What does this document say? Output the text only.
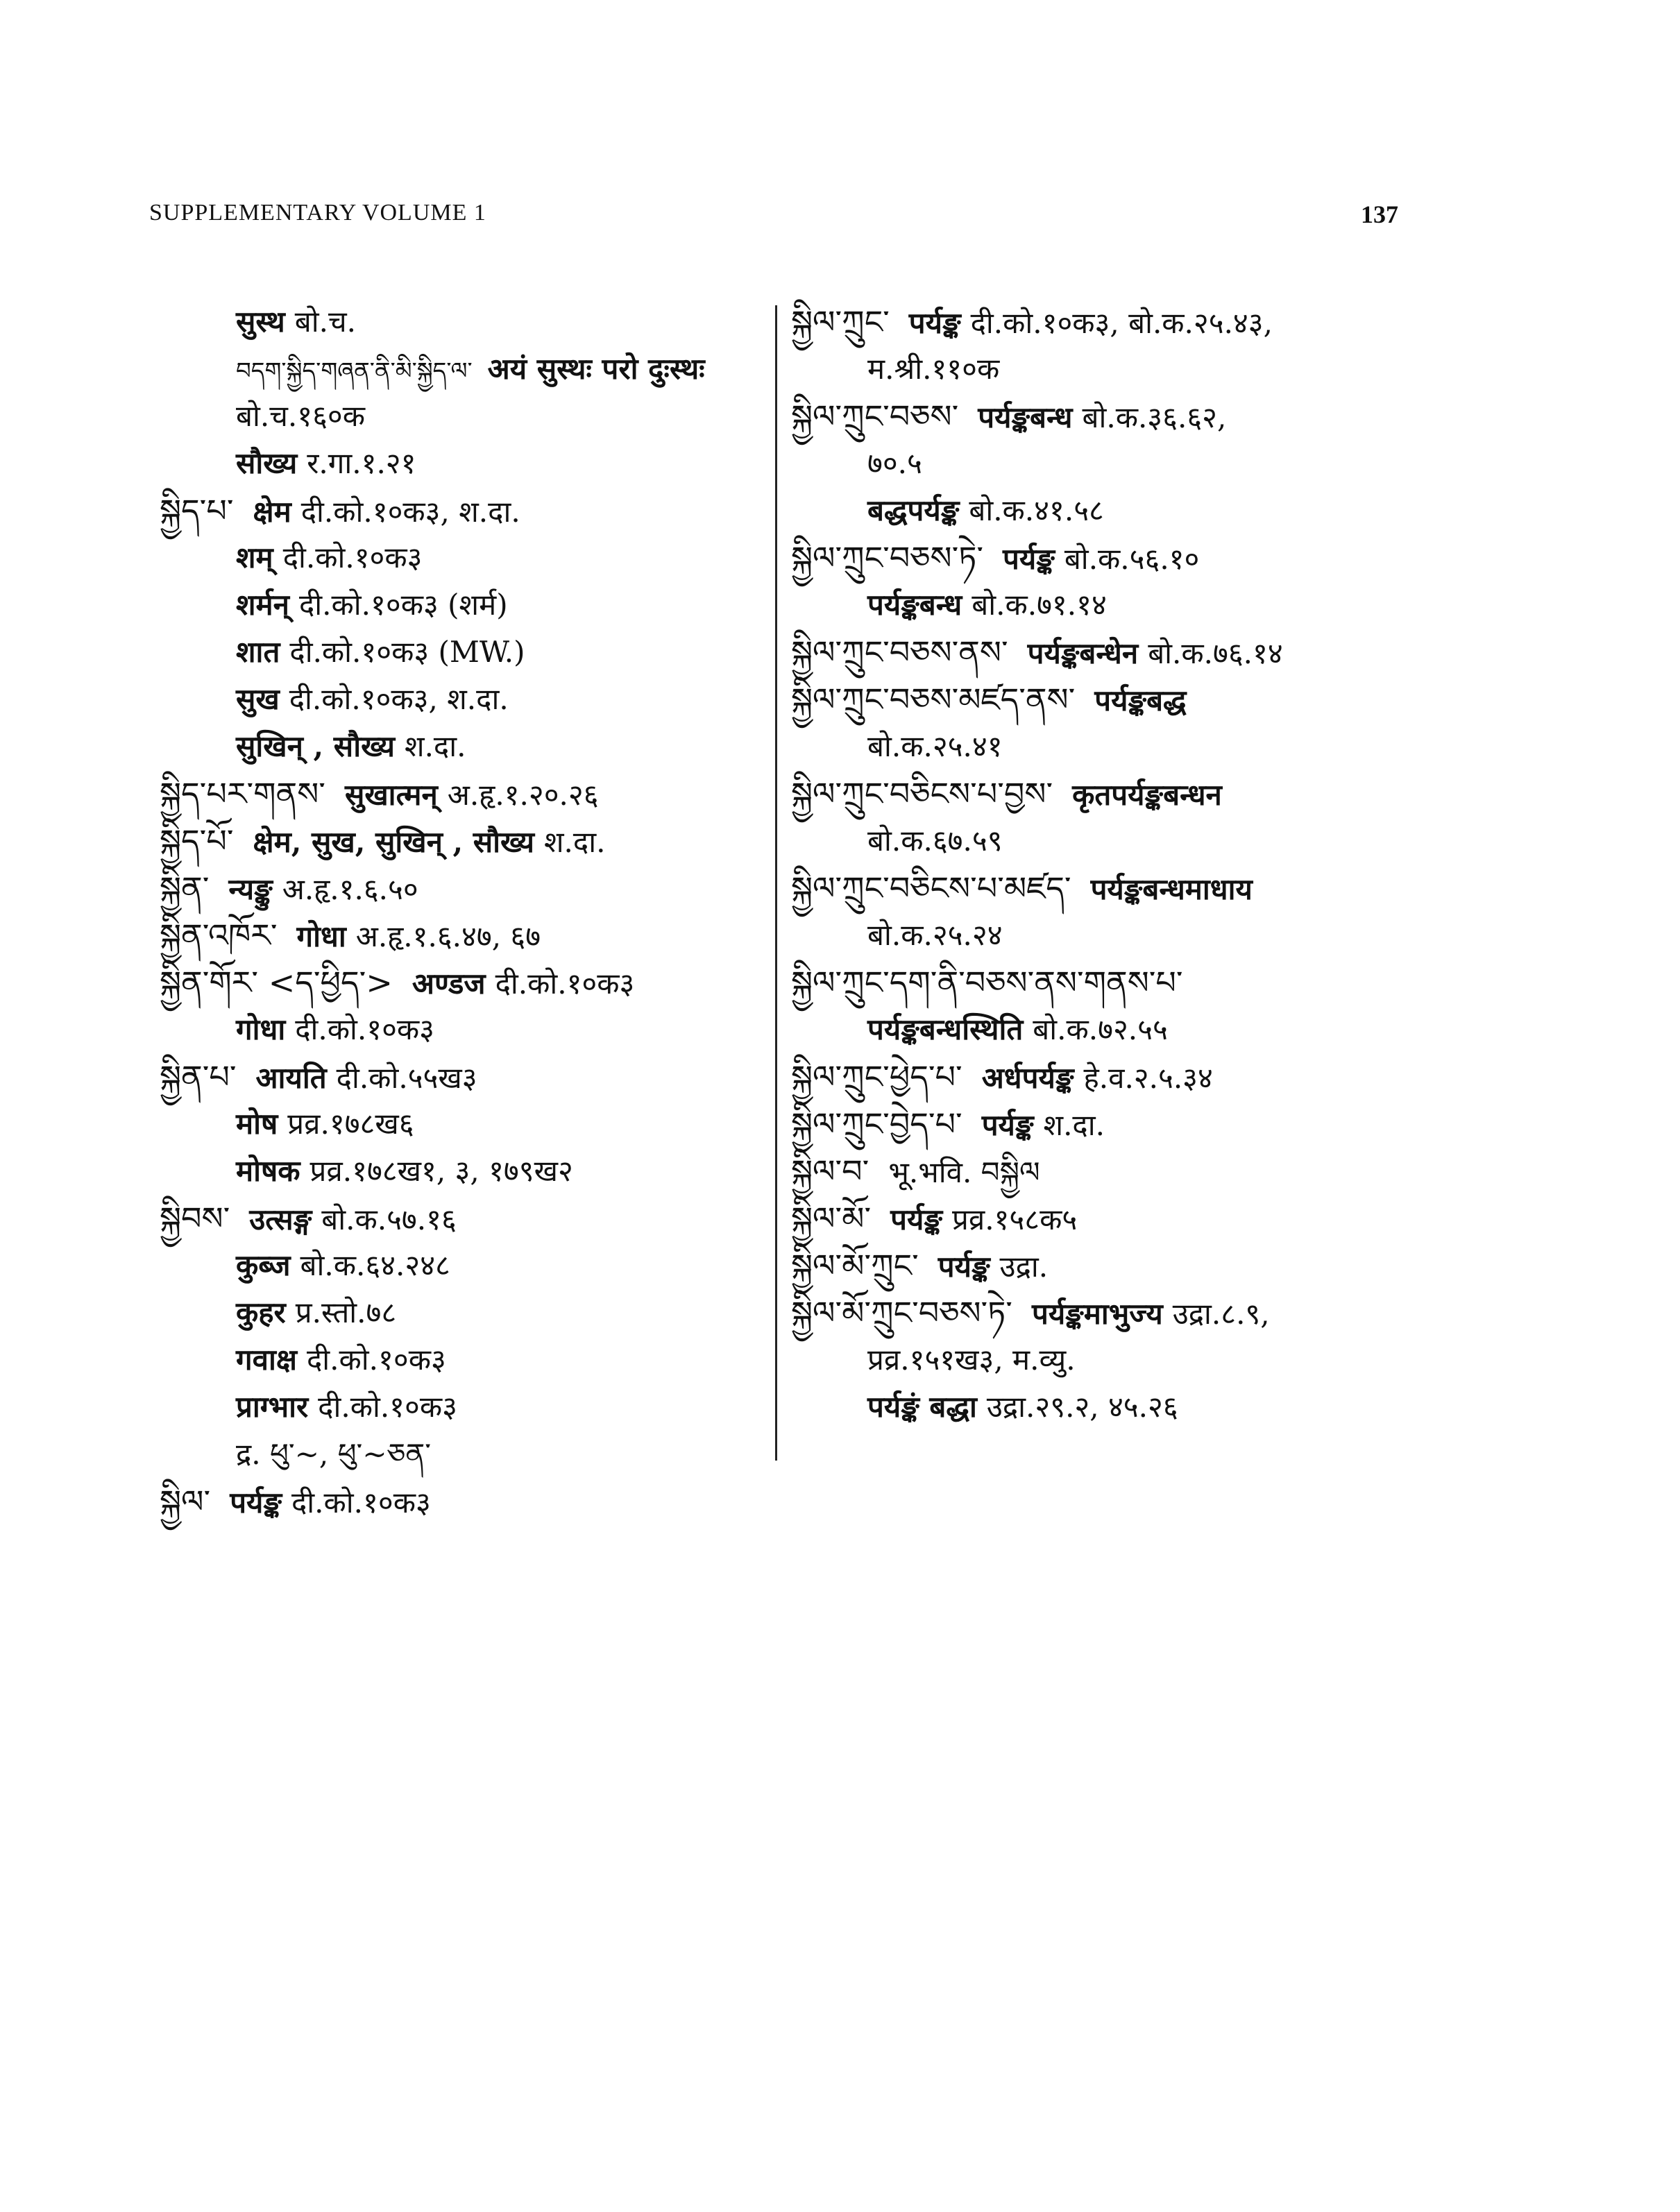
SUPPLEMENTARY VOLUME 1	137
सुस्थ बो.च.
བདག་སྐྱིད་གཞན་ནི་མི་སྐྱིད་ལ་ अयं सुस्थः परो दुःस्थः
बो.च.१६०क
सौख्य र.गा.१.२१
སྐྱིད་པ་ क्षेम दी.को.१०क३, श.दा.
शम् दी.को.१०क३
शर्मन् दी.को.१०क३ (शर्म)
शात दी.को.१०क३ (MW.)
सुख दी.को.१०क३, श.दा.
सुखिन् , सौख्य श.दा.
སྐྱིད་པར་གནས་ सुखात्मन् अ.हृ.१.२०.२६
སྐྱིད་པོ་ क्षेम, सुख, सुखिन् , सौख्य श.दा.
སྐྱིན་ न्यङ्कु अ.हृ.१.६.५०
སྐྱིན་འཁོར་ गोधा अ.हृ.१.६.४७, ६७
སྐྱིན་གོར་ <ད་ཕྱིད་> अण्डज दी.को.१०क३
गोधा दी.को.१०क३
སྐྱིན་པ་ आयति दी.को.५५ख३
मोष प्रव्र.१७८ख६
मोषक प्रव्र.१७८ख१, ३, १७९ख२
སྐྱིབས་ उत्सङ्ग बो.क.५७.१६
कुब्ज बो.क.६४.२४८
कुहर प्र.स्तो.७८
गवाक्ष दी.को.१०क३
प्राग्भार दी.को.१०क३
द्र. ཕུ་~, ཕུ་~ཅན་
སྐྱིལ་ पर्यङ्क दी.को.१०क३
སྐྱིལ་ཀྲུང་ पर्यङ्क दी.को.१०क३, बो.क.२५.४३,
म.श्री.११०क
སྐྱིལ་ཀྲུང་བཅས་ पर्यङ्कबन्ध बो.क.३६.६२,
७०.५
बद्धपर्यङ्क बो.क.४१.५८
སྐྱིལ་ཀྲུང་བཅས་ཏེ་ पर्यङ्क बो.क.५६.१०
पर्यङ्कबन्ध बो.क.७१.१४
སྐྱིལ་ཀྲུང་བཅས་ནས་ पर्यङ्कबन्धेन बो.क.७६.१४
སྐྱིལ་ཀྲུང་བཅས་མཛད་ནས་ पर्यङ्कबद्ध
बो.क.२५.४१
སྐྱིལ་ཀྲུང་བཅིངས་པ་བྱས་ कृतपर्यङ्कबन्धन
बो.क.६७.५९
སྐྱིལ་ཀྲུང་བཅིངས་པ་མཛད་ पर्यङ्कबन्धमाधाय
बो.क.२५.२४
སྐྱིལ་ཀྲུང་དག་ནི་བཅས་ནས་གནས་པ་
पर्यङ्कबन्धस्थिति बो.क.७२.५५
སྐྱིལ་ཀྲུང་ཕྱེད་པ་ अर्धपर्यङ्क हे.व.२.५.३४
སྐྱིལ་ཀྲུང་བྱེད་པ་ पर्यङ्क श.दा.
སྐྱིལ་བ་ भू.भवि. བསྐྱིལ
སྐྱིལ་མོ་ पर्यङ्क प्रव्र.१५८क५
སྐྱིལ་མོ་ཀྲུང་ पर्यङ्क उद्रा.
སྐྱིལ་མོ་ཀྲུང་བཅས་ཏེ་ पर्यङ्कमाभुज्य उद्रा.८.९,
प्रव्र.१५१ख३, म.व्यु.
पर्यङ्कं बद्धा उद्रा.२९.२, ४५.२६
